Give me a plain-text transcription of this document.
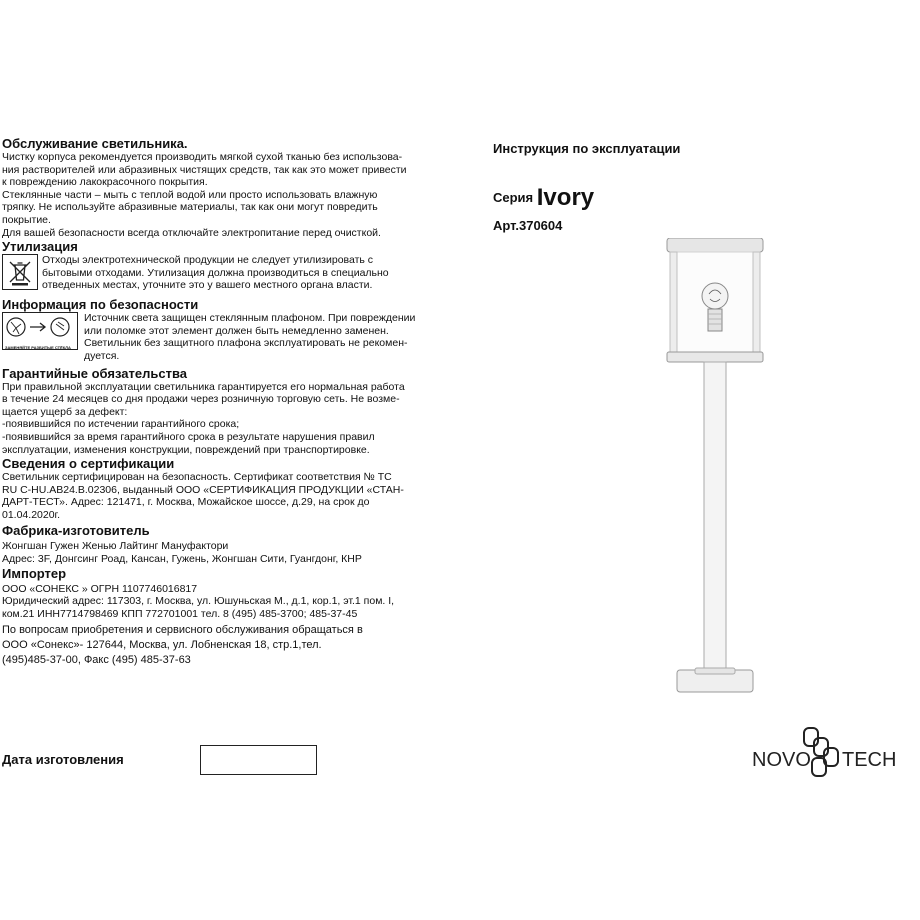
Обслуживание светильника.

Чистку корпуса рекомендуется производить мягкой сухой тканью без использова-
ния растворителей или абразивных чистящих средств, так как это может привести
к повреждению лакокрасочного покрытия.
Стеклянные части – мыть с теплой водой или просто использовать влажную
тряпку. Не используйте абразивные материалы, так как они могут повредить
покрытие.
Для вашей безопасности всегда отключайте электропитание перед очисткой.

Утилизация

Отходы электротехнической продукции не следует утилизировать с
бытовыми отходами. Утилизация должна производиться в специально
отведенных местах, уточните это у вашего местного органа власти.

Информация по безопасности

ЗАМЕНЯЙТЕ РАЗБИТЫЕ СТЁКЛА

Источник света защищен стеклянным плафоном. При повреждении
или поломке этот элемент должен быть немедленно заменен.
Светильник без защитного плафона эксплуатировать не рекомен-
дуется.

Гарантийные обязательства

При правильной эксплуатации светильника гарантируется его нормальная работа
в течение 24 месяцев со дня продажи через розничную торговую сеть. Не возме-
щается ущерб за дефект:
-появившийся по истечении гарантийного срока;
-появившийся за время гарантийного срока в результате нарушения правил
эксплуатации, изменения конструкции, повреждений при транспортировке.

Сведения о сертификации

Светильник сертифицирован на безопасность. Сертификат соответствия № ТС
RU С-HU.АВ24.В.02306, выданный ООО «СЕРТИФИКАЦИЯ ПРОДУКЦИИ «СТАН-
ДАРТ-ТЕСТ». Адрес: 121471, г. Москва, Можайское шоссе, д.29, на срок до
01.04.2020г.

Фабрика-изготовитель

Жонгшан Гужен Женью Лайтинг Мануфактори
Адрес: 3F, Донгсинг Роад, Кансан, Гужень, Жонгшан Сити, Гуангдонг, КНР

Импортер

ООО «СОНЕКС » ОГРН 1107746016817
Юридический адрес: 117303, г. Москва, ул. Юшуньская М., д.1, кор.1, эт.1 пом. I,
ком.21 ИНН7714798469 КПП 772701001 тел. 8 (495) 485-3700; 485-37-45

По вопросам приобретения и сервисного обслуживания обращаться в
ООО «Сонекс»- 127644, Москва, ул. Лобненская 18, стр.1,тел.
(495)485-37-00, Факс (495) 485-37-63

Дата изготовления
Инструкция по эксплуатации
Серия Ivory
Арт.370604
NOVO TECH
